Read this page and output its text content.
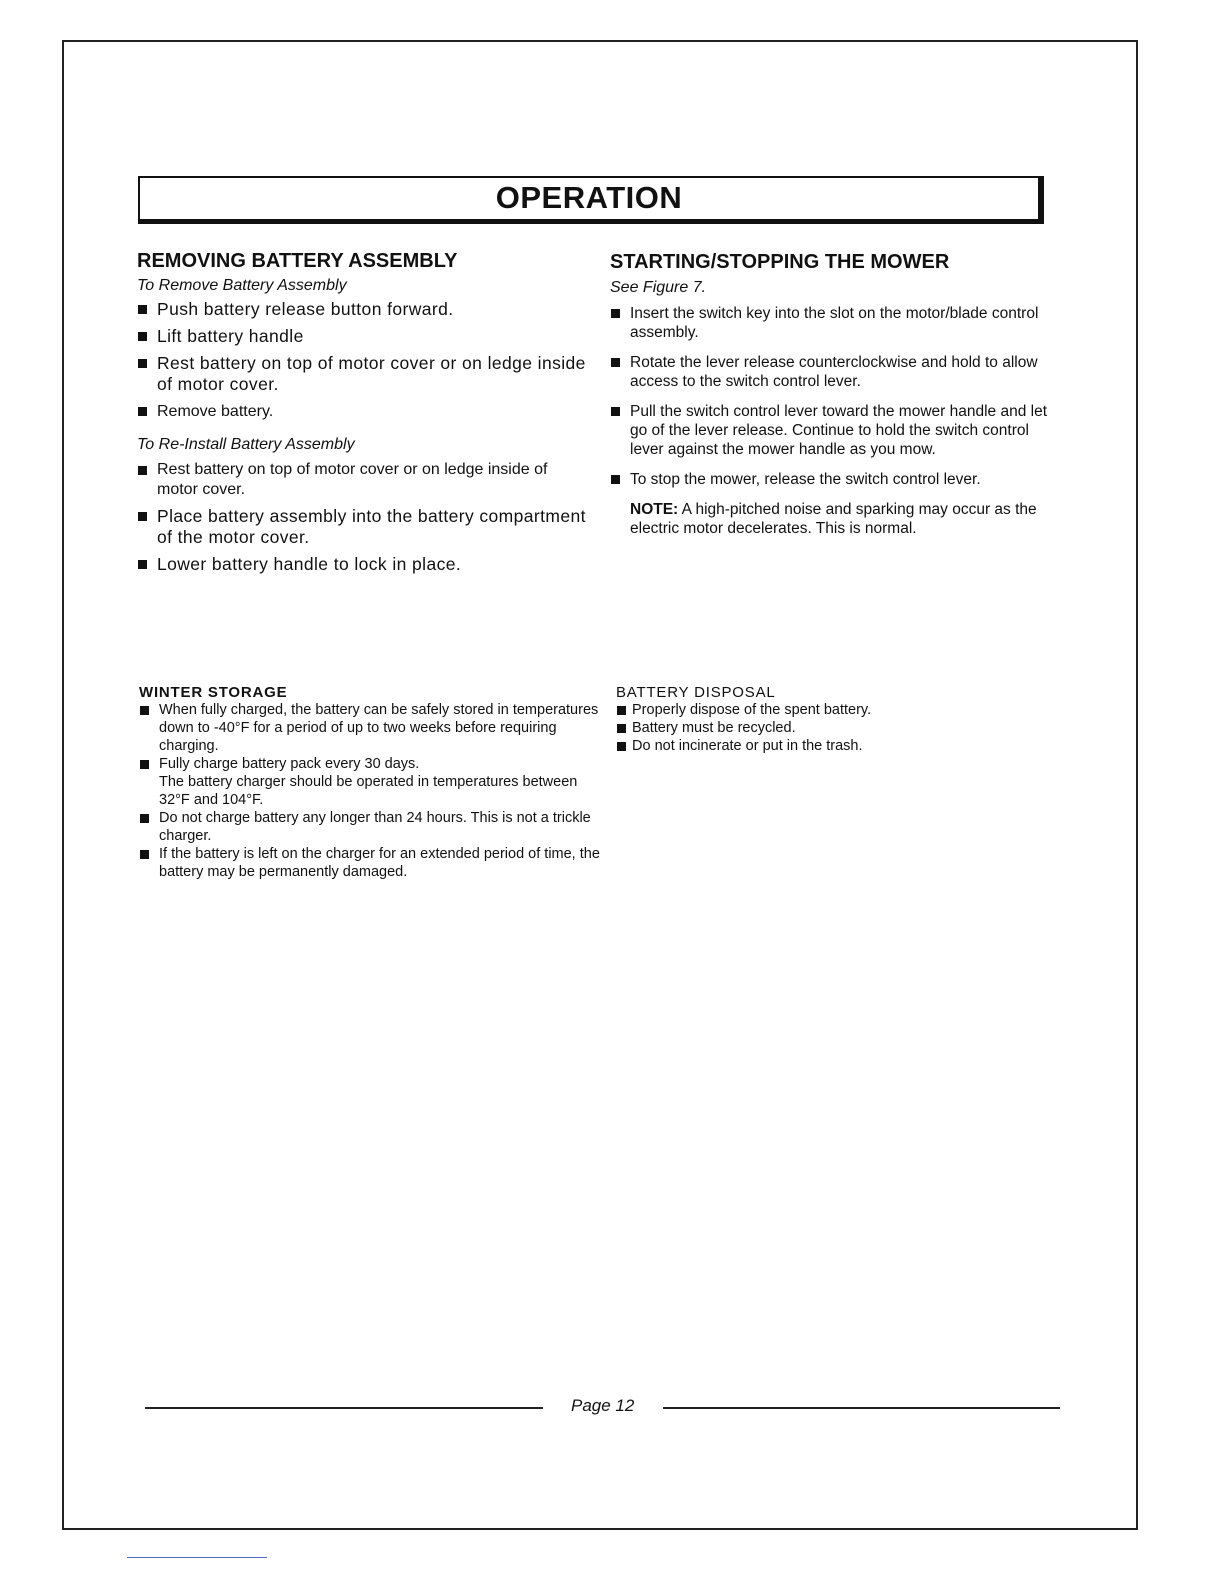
OPERATION
REMOVING BATTERY ASSEMBLY

To Remove Battery Assembly

Push battery release button forward.
Lift battery handle
Rest battery on top of motor cover or on ledge inside of motor cover.
Remove battery.

To Re-Install Battery Assembly

Rest battery on top of motor cover or on ledge inside of motor cover.
Place battery assembly into the battery compartment of the motor cover.
Lower battery handle to lock in place.
STARTING/STOPPING THE MOWER

See Figure 7.

Insert the switch key into the slot on the motor/blade control assembly.
Rotate the lever release counterclockwise and hold to allow access to the switch control lever.
Pull the switch control lever toward the mower handle and let go of the lever release. Continue to hold the switch control lever against the mower handle as you mow.
To stop the mower, release the switch control lever.

NOTE: A high-pitched noise and sparking may occur as the electric motor decelerates. This is normal.

WINTER STORAGE

When fully charged, the battery can be safely stored in temperatures down to -40°F for a period of up to two weeks before requiring charging.
Fully charge battery pack every 30 days.

The battery charger should be operated in temperatures between 32°F and 104°F.

Do not charge battery any longer than 24 hours. This is not a trickle charger.
If the battery is left on the charger for an extended period of time, the battery may be permanently damaged.

BATTERY DISPOSAL

Properly dispose of the spent battery.
Battery must be recycled.
Do not incinerate or put in the trash.
Page 12
